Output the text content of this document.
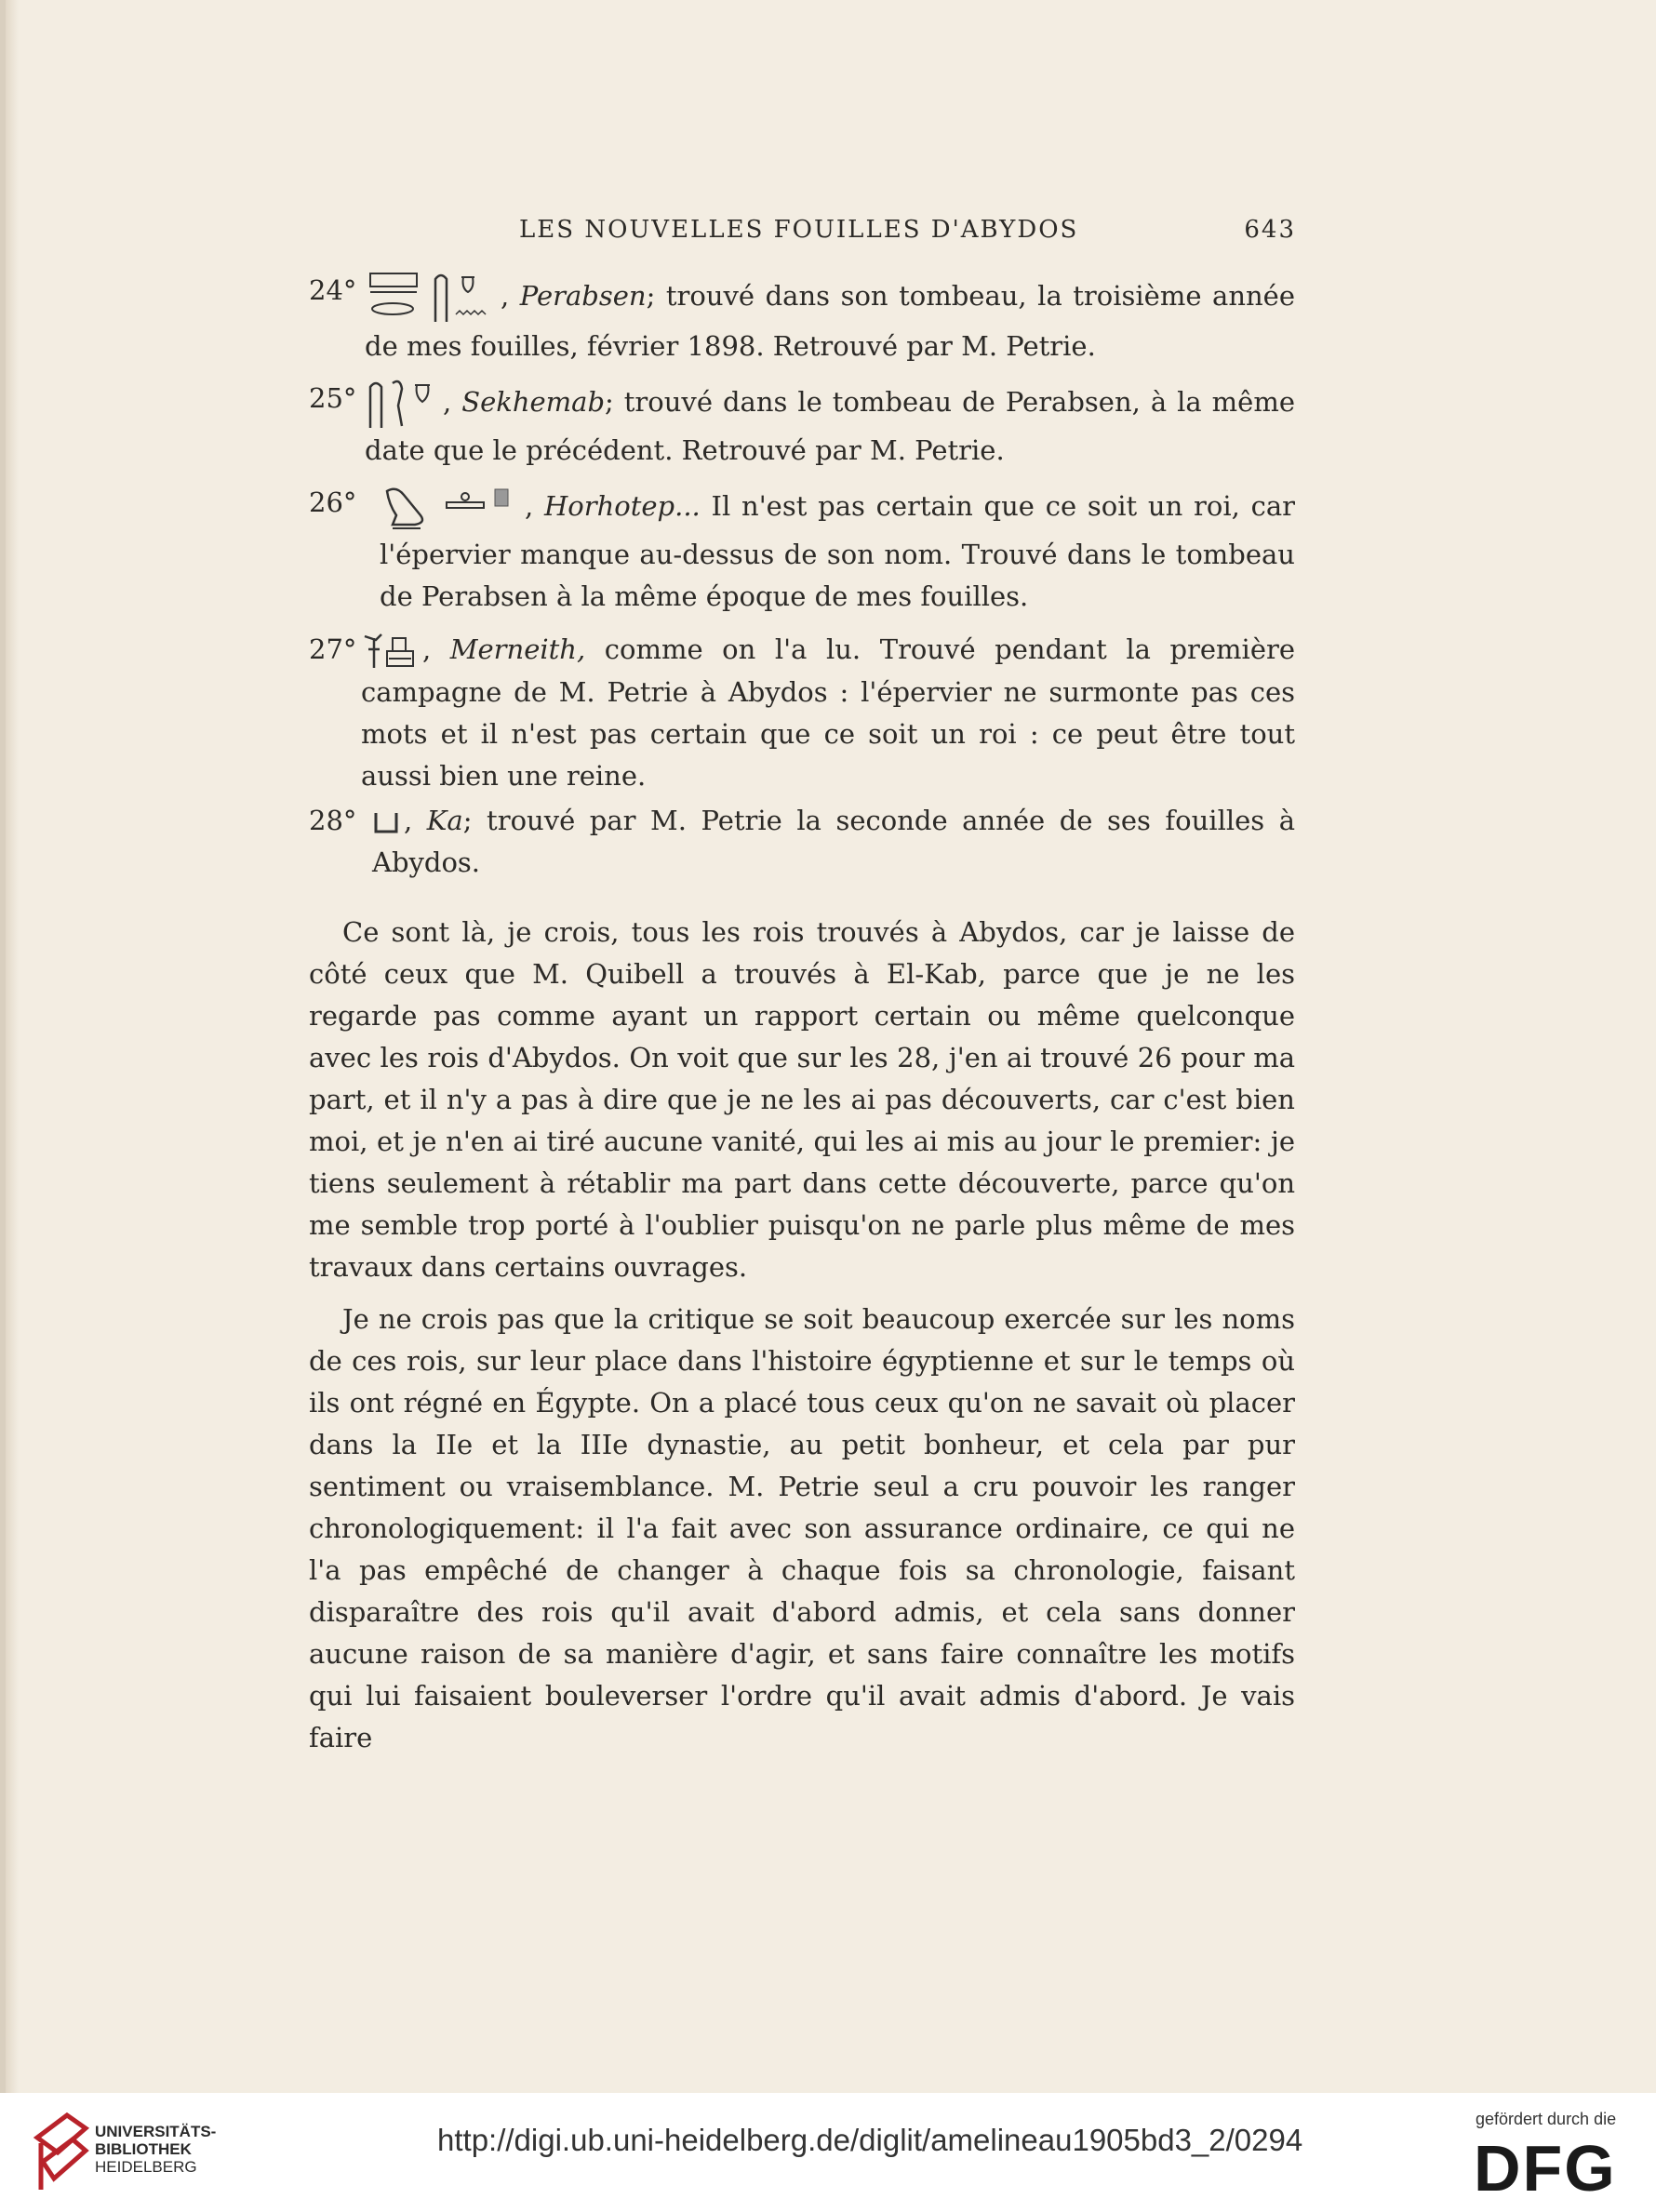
LES NOUVELLES FOUILLES D'ABYDOS	643
24°	, Perabsen; trouvé dans son tombeau, la troisième année de mes fouilles, février 1898. Retrouvé par M. Petrie.
25°	, Sekhemab; trouvé dans le tombeau de Perabsen, à la même date que le précédent. Retrouvé par M. Petrie.
26°	, Horhotep... Il n'est pas certain que ce soit un roi, car l'épervier manque au-dessus de son nom. Trouvé dans le tombeau de Perabsen à la même époque de mes fouilles.
27°	, Merneith, comme on l'a lu. Trouvé pendant la première campagne de M. Petrie à Abydos : l'épervier ne surmonte pas ces mots et il n'est pas certain que ce soit un roi : ce peut être tout aussi bien une reine.
28°	, Ka; trouvé par M. Petrie la seconde année de ses fouilles à Abydos.
Ce sont là, je crois, tous les rois trouvés à Abydos, car je laisse de côté ceux que M. Quibell a trouvés à El-Kab, parce que je ne les regarde pas comme ayant un rapport certain ou même quelconque avec les rois d'Abydos. On voit que sur les 28, j'en ai trouvé 26 pour ma part, et il n'y a pas à dire que je ne les ai pas découverts, car c'est bien moi, et je n'en ai tiré aucune vanité, qui les ai mis au jour le premier: je tiens seulement à rétablir ma part dans cette découverte, parce qu'on me semble trop porté à l'oublier puisqu'on ne parle plus même de mes travaux dans certains ouvrages.
Je ne crois pas que la critique se soit beaucoup exercée sur les noms de ces rois, sur leur place dans l'histoire égyptienne et sur le temps où ils ont régné en Égypte. On a placé tous ceux qu'on ne savait où placer dans la IIe et la IIIe dynastie, au petit bonheur, et cela par pur sentiment ou vraisemblance. M. Petrie seul a cru pouvoir les ranger chronologiquement: il l'a fait avec son assurance ordinaire, ce qui ne l'a pas empêché de changer à chaque fois sa chronologie, faisant disparaître des rois qu'il avait d'abord admis, et cela sans donner aucune raison de sa manière d'agir, et sans faire connaître les motifs qui lui faisaient bouleverser l'ordre qu'il avait admis d'abord. Je vais faire
UNIVERSITÄTS-
BIBLIOTHEK
HEIDELBERG
http://digi.ub.uni-heidelberg.de/diglit/amelineau1905bd3_2/0294
gefördert durch die
DFG
